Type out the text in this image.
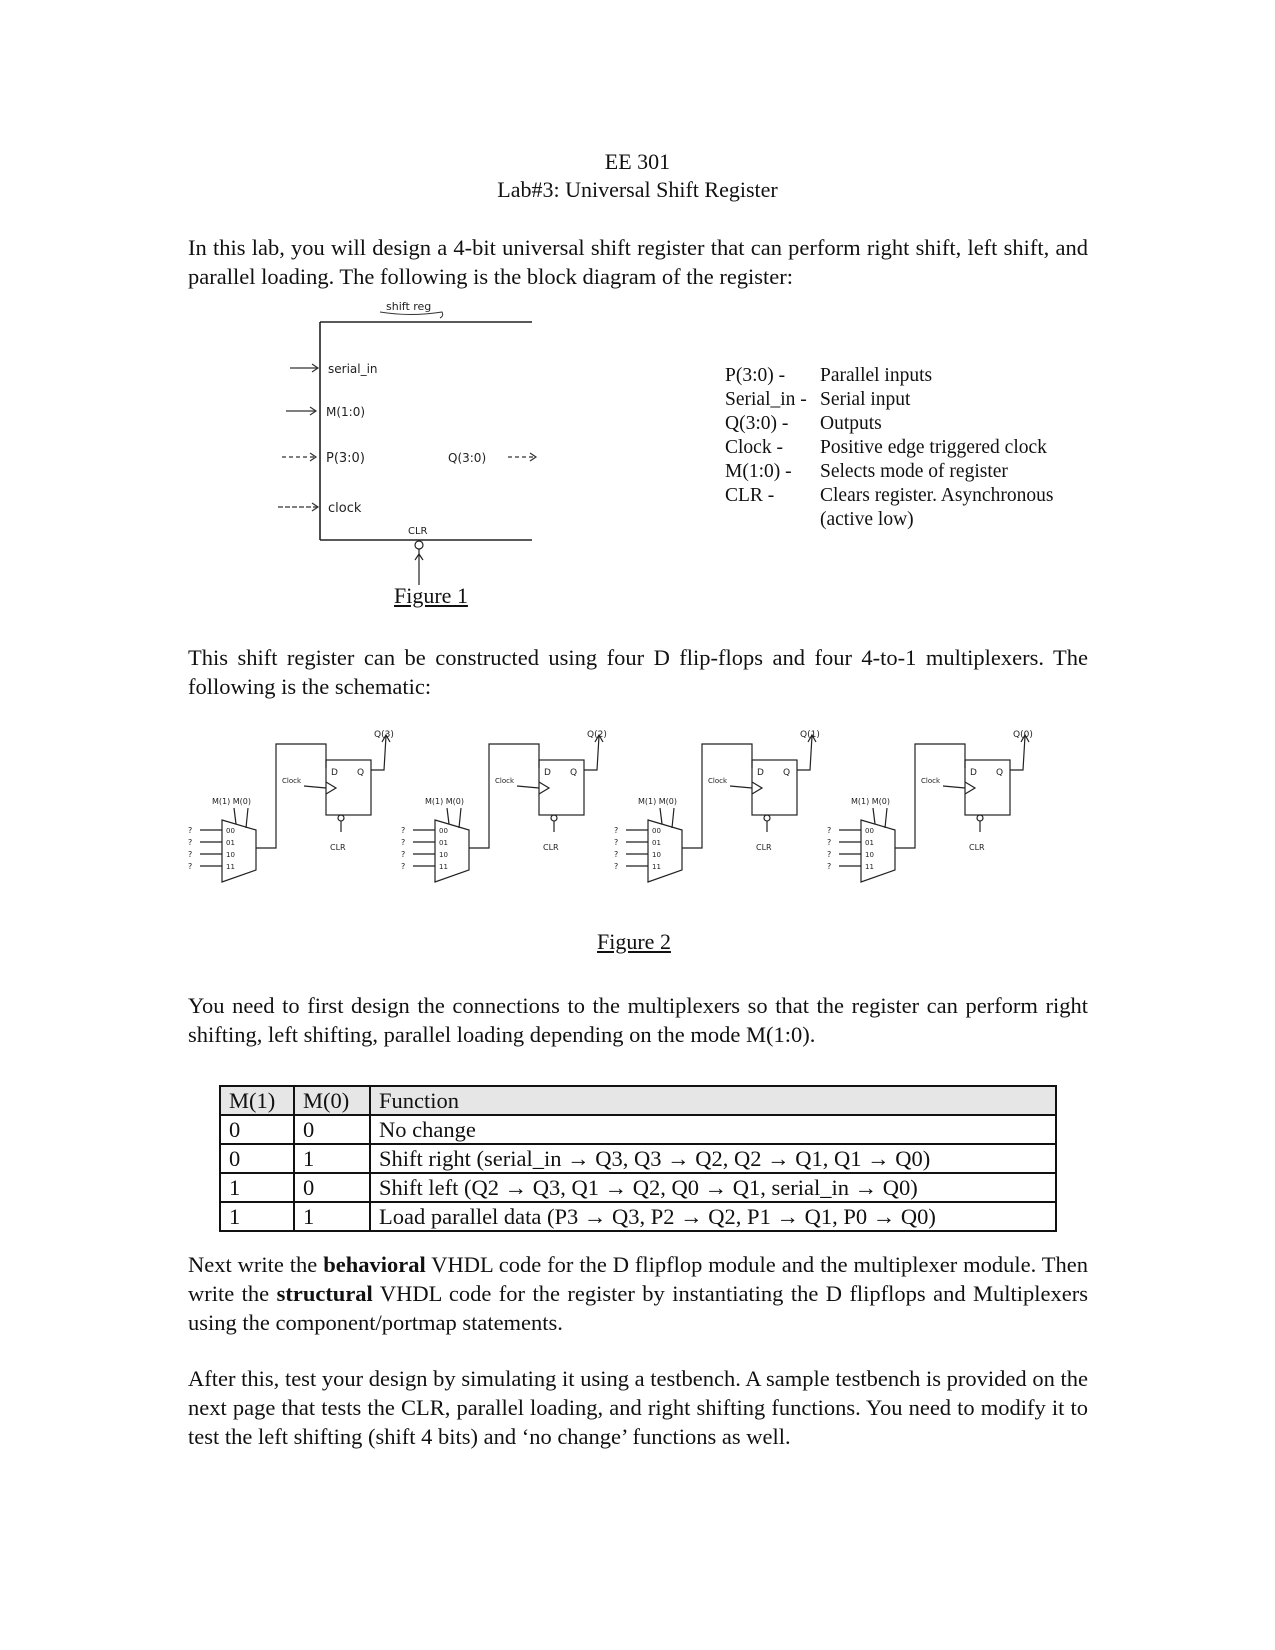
EE 301
Lab#3: Universal Shift Register
In this lab, you will design a 4-bit universal shift register that can perform right shift, left shift, and parallel loading. The following is the block diagram of the register:
shift reg
serial_in
M(1:0)
P(3:0)
clock
Q(3:0)
CLR
Figure 1
P(3:0) -	Parallel inputs
Serial_in - Serial input
Q(3:0) -	Outputs
Clock -	Positive edge triggered clock
M(1:0) -	Selects mode of register
CLR -	Clears register. Asynchronous
(active low)
This shift register can be constructed using four D flip-flops and four 4-to-1 multiplexers. The following is the schematic:
D Q
Q(3)
Clock
CLR
M(1) M(0)
00
?
01
?
10
?
11
?
D Q
Q(2)
Clock
CLR
M(1) M(0)
00
?
01
?
10
?
11
?
D Q
Q(1)
Clock
CLR
M(1) M(0)
00
?
01
?
10
?
11
?
D Q
Q(0)
Clock
CLR
M(1) M(0)
00
?
01
?
10
?
11
?
Figure 2
You need to first design the connections to the multiplexers so that the register can perform right shifting, left shifting, parallel loading depending on the mode M(1:0).
M(1)	M(0)	Function
0	0	No change
0	1	Shift right (serial_in → Q3, Q3 → Q2, Q2 → Q1, Q1 → Q0)
1	0	Shift left (Q2 → Q3, Q1 → Q2, Q0 → Q1, serial_in → Q0)
1	1	Load parallel data (P3 → Q3, P2 → Q2, P1 → Q1, P0 → Q0)
Next write the behavioral VHDL code for the D flipflop module and the multiplexer module. Then write the structural VHDL code for the register by instantiating the D flipflops and Multiplexers using the component/portmap statements.
After this, test your design by simulating it using a testbench. A sample testbench is provided on the next page that tests the CLR, parallel loading, and right shifting functions. You need to modify it to test the left shifting (shift 4 bits) and ‘no change’ functions as well.
